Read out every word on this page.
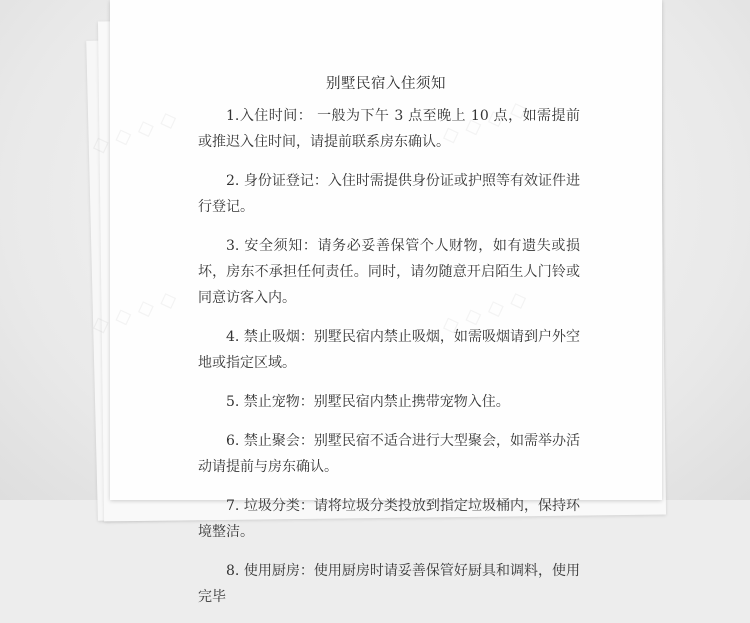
◇ ◇ ◇ ◇
◇ ◇ ◇ ◇
◇ ◇ ◇ ◇
◇ ◇ ◇ ◇
别墅民宿入住须知

1.入住时间： 一般为下午 3 点至晚上 10 点，如需提前或推迟入住时间，请提前联系房东确认。

2. 身份证登记：入住时需提供身份证或护照等有效证件进行登记。

3. 安全须知：请务必妥善保管个人财物，如有遗失或损坏，房东不承担任何责任。同时，请勿随意开启陌生人门铃或同意访客入内。

4. 禁止吸烟：别墅民宿内禁止吸烟，如需吸烟请到户外空地或指定区域。

5. 禁止宠物：别墅民宿内禁止携带宠物入住。

6. 禁止聚会：别墅民宿不适合进行大型聚会，如需举办活动请提前与房东确认。

7. 垃圾分类：请将垃圾分类投放到指定垃圾桶内，保持环境整洁。

8. 使用厨房：使用厨房时请妥善保管好厨具和调料，使用完毕
